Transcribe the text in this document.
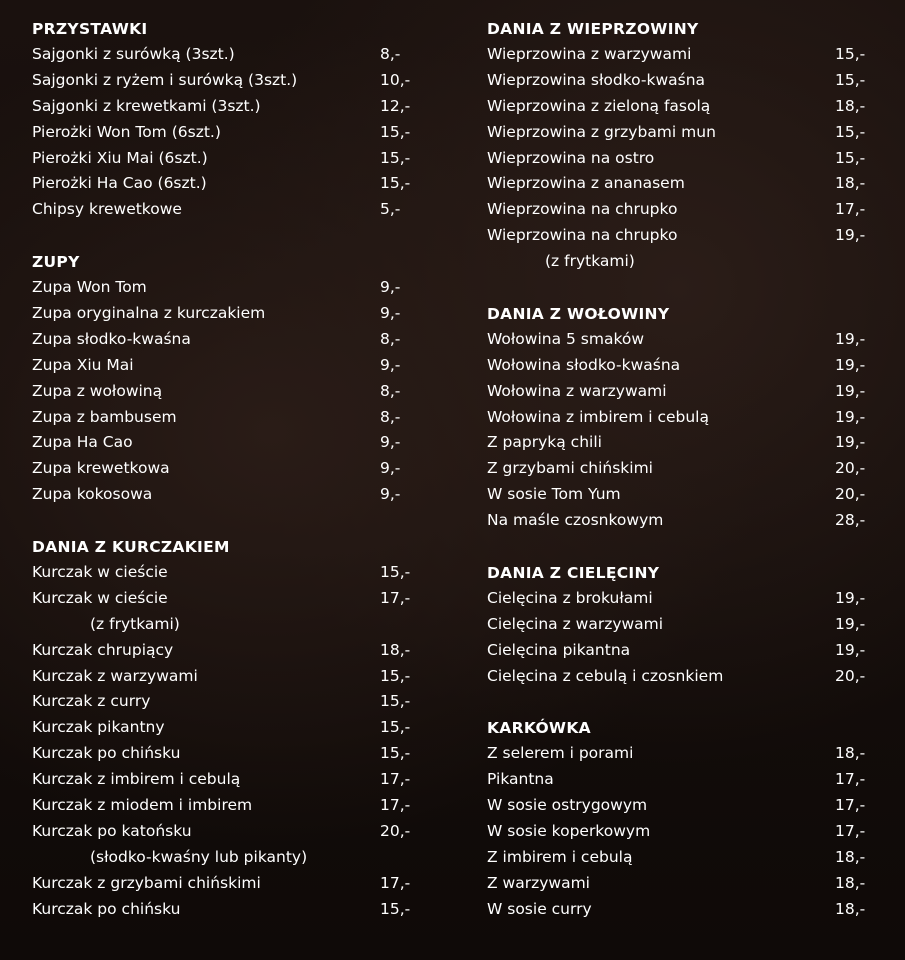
PRZYSTAWKI
Sajgonki z surówką (3szt.)	8,-
Sajgonki z ryżem i surówką (3szt.)	10,-
Sajgonki z krewetkami (3szt.)	12,-
Pierożki Won Tom (6szt.)	15,-
Pierożki Xiu Mai (6szt.)	15,-
Pierożki Ha Cao (6szt.)	15,-
Chipsy krewetkowe	5,-
ZUPY
Zupa Won Tom	9,-
Zupa oryginalna z kurczakiem	9,-
Zupa słodko-kwaśna	8,-
Zupa Xiu Mai	9,-
Zupa z wołowiną	8,-
Zupa z bambusem	8,-
Zupa Ha Cao	9,-
Zupa krewetkowa	9,-
Zupa kokosowa	9,-
DANIA Z KURCZAKIEM
Kurczak w cieście	15,-
Kurczak w cieście	17,-
(z frytkami)
Kurczak chrupiący	18,-
Kurczak z warzywami	15,-
Kurczak z curry	15,-
Kurczak pikantny	15,-
Kurczak po chińsku	15,-
Kurczak z imbirem i cebulą	17,-
Kurczak z miodem i imbirem	17,-
Kurczak po katońsku	20,-
(słodko-kwaśny lub pikanty)
Kurczak z grzybami chińskimi	17,-
Kurczak po chińsku	15,-
DANIA Z WIEPRZOWINY
Wieprzowina z warzywami	15,-
Wieprzowina słodko-kwaśna	15,-
Wieprzowina z zieloną fasolą	18,-
Wieprzowina z grzybami mun	15,-
Wieprzowina na ostro	15,-
Wieprzowina z ananasem	18,-
Wieprzowina na chrupko	17,-
Wieprzowina na chrupko	19,-
(z frytkami)
DANIA Z WOŁOWINY
Wołowina 5 smaków	19,-
Wołowina słodko-kwaśna	19,-
Wołowina z warzywami	19,-
Wołowina z imbirem i cebulą	19,-
Z papryką chili	19,-
Z grzybami chińskimi	20,-
W sosie Tom Yum	20,-
Na maśle czosnkowym	28,-
DANIA Z CIELĘCINY
Cielęcina z brokułami	19,-
Cielęcina z warzywami	19,-
Cielęcina pikantna	19,-
Cielęcina z cebulą i czosnkiem	20,-
KARKÓWKA
Z selerem i porami	18,-
Pikantna	17,-
W sosie ostrygowym	17,-
W sosie koperkowym	17,-
Z imbirem i cebulą	18,-
Z warzywami	18,-
W sosie curry	18,-
